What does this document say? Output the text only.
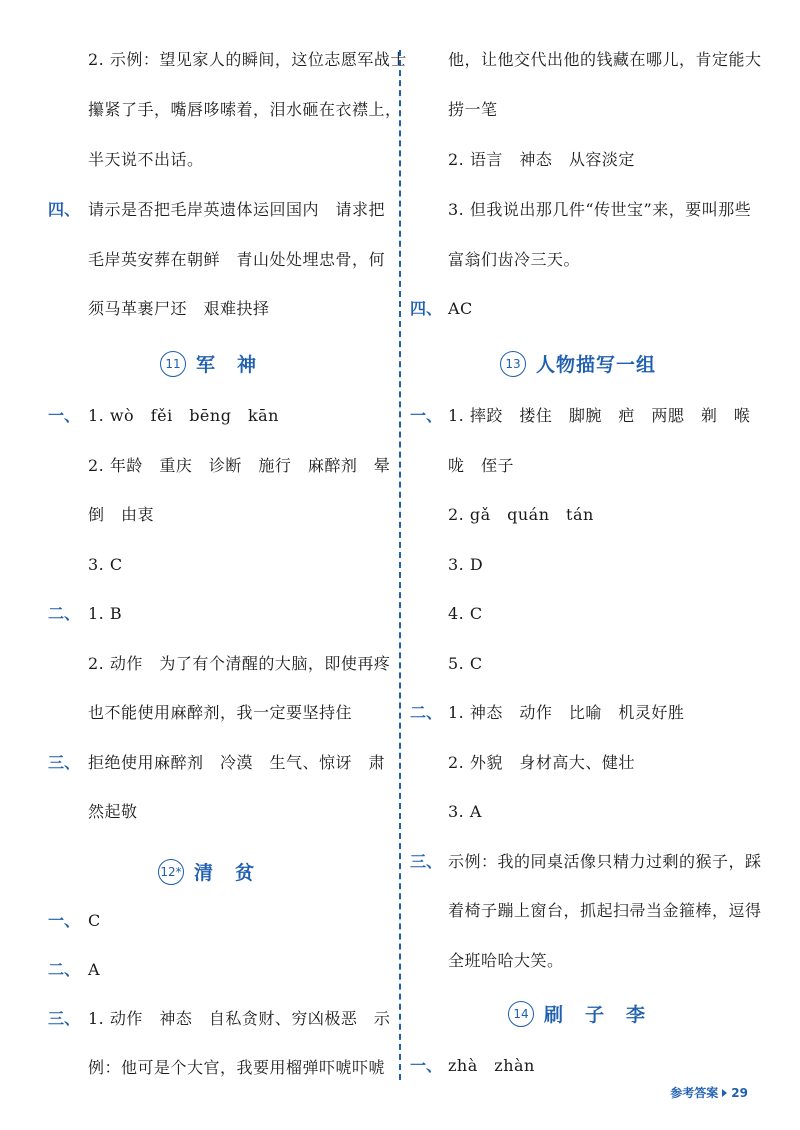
2. 示例：望见家人的瞬间，这位志愿军战士
攥紧了手，嘴唇哆嗦着，泪水砸在衣襟上，
半天说不出话。
四、 请示是否把毛岸英遗体运回国内　请求把
毛岸英安葬在朝鲜　青山处处埋忠骨，何
须马革裹尸还　艰难抉择
11 军神
一、 1. wò　fěi　bēng　kān
2. 年龄　重庆　诊断　施行　麻醉剂　晕
倒　由衷
3. C
二、 1. B
2. 动作　为了有个清醒的大脑，即使再疼
也不能使用麻醉剂，我一定要坚持住
三、 拒绝使用麻醉剂　冷漠　生气、惊讶　肃
然起敬
12* 清贫
一、 C
二、 A
三、 1. 动作　神态　自私贪财、穷凶极恶　示
例：他可是个大官，我要用榴弹吓唬吓唬
他，让他交代出他的钱藏在哪儿，肯定能大
捞一笔
2. 语言　神态　从容淡定
3. 但我说出那几件“传世宝”来，要叫那些
富翁们齿冷三天。
四、 AC
13 人物描写一组
一、 1. 摔跤　搂住　脚腕　疤　两腮　剃　喉
咙　侄子
2. gǎ　quán　tán
3. D
4. C
5. C
二、 1. 神态　动作　比喻　机灵好胜
2. 外貌　身材高大、健壮
3. A
三、 示例：我的同桌活像只精力过剩的猴子，踩
着椅子蹦上窗台，抓起扫帚当金箍棒，逗得
全班哈哈大笑。
14 刷子李
一、 zhà　zhàn
参考答案 29
